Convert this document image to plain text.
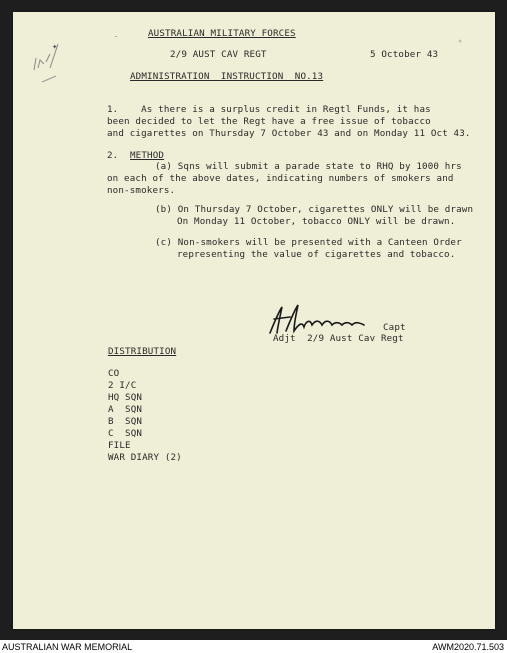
✦
·	✧
AUSTRALIAN MILITARY FORCES
2/9 AUST CAV REGT	5 October 43
ADMINISTRATION  INSTRUCTION  NO.13
1.    As there is a surplus credit in Regtl Funds, it has
been decided to let the Regt have a free issue of tobacco
and cigarettes on Thursday 7 October 43 and on Monday 11 Oct 43.
2. METHOD
(a) Sqns will submit a parade state to RHQ by 1000 hrs
on each of the above dates, indicating numbers of smokers and
non-smokers.
(b) On Thursday 7 October, cigarettes ONLY will be drawn
On Monday 11 October, tobacco ONLY will be drawn.
(c) Non-smokers will be presented with a Canteen Order
representing the value of cigarettes and tobacco.
Capt
Adjt  2/9 Aust Cav Regt
DISTRIBUTION
CO
2 I/C
HQ SQN
A  SQN
B  SQN
C  SQN
FILE
WAR DIARY (2)
AUSTRALIAN WAR MEMORIAL	AWM2020.71.503
